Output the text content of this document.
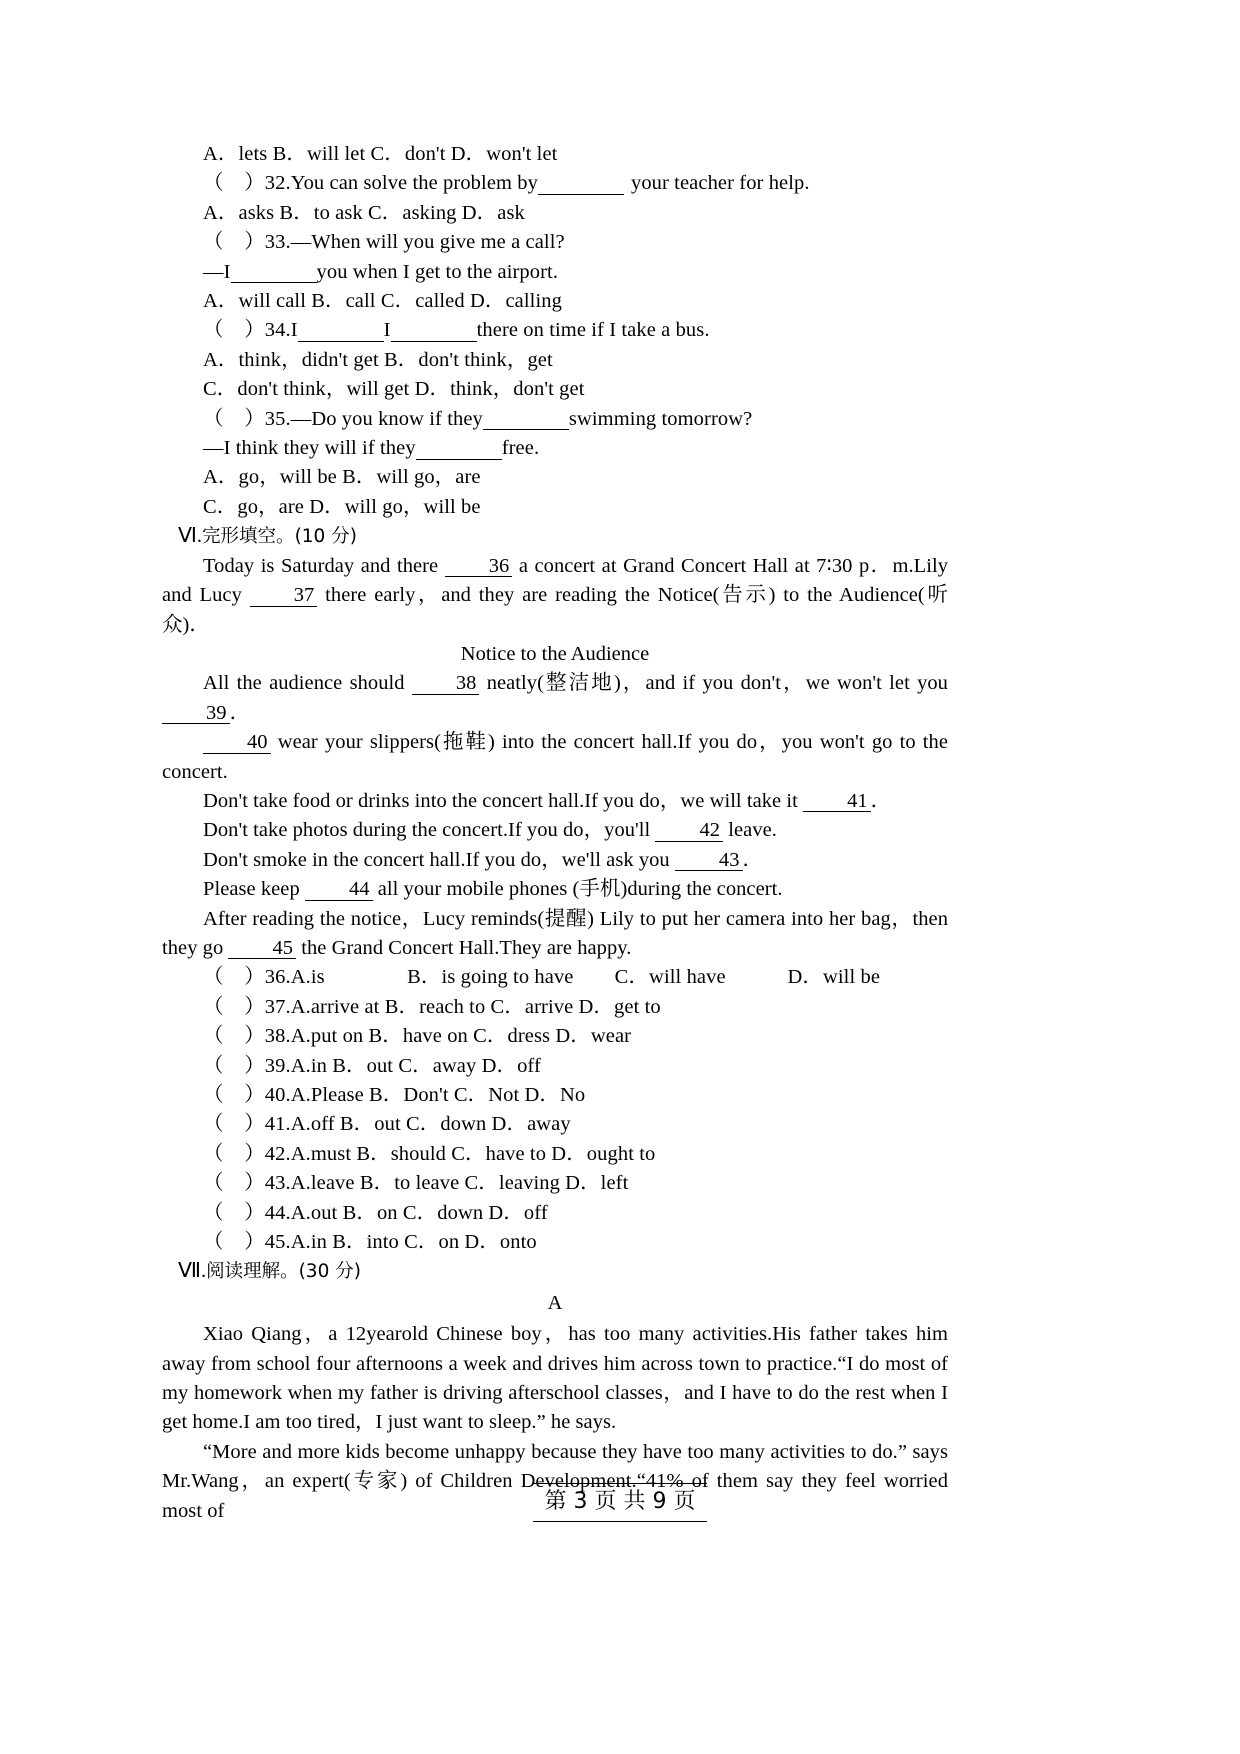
A．lets B．will let C．don't D．won't let
（　）32.You can solve the problem by	your teacher for help.
A．asks B．to ask C．asking D．ask
（　）33.—When will you give me a call?
—I	you when I get to the airport.
A．will call B．call C．called D．calling
（　）34.I	I	there on time if I take a bus.
A．think，didn't get B．don't think，get
C．don't think，will get D．think，don't get
（　）35.—Do you know if they	swimming tomorrow?
—I think they will if they	free.
A．go，will be B．will go，are
C．go，are D．will go，will be
Ⅵ.完形填空。(10 分)
Today is Saturday and there 36 a concert at Grand Concert Hall at 7∶30 p．m.Lily and Lucy	37 there early，and they are reading the Notice(告示) to the Audience(听众)．
Notice to the Audience
All the audience should	38 neatly(整洁地)，and if you don't，we won't let you 39 ．
40 wear your slippers(拖鞋) into the concert hall.If you do，you won't go to the concert.
Don't take food or drinks into the concert hall.If you do，we will take it 41 ．
Don't take photos during the concert.If you do，you'll 42 leave.
Don't smoke in the concert hall.If you do，we'll ask you 43 ．
Please keep 44 all your mobile phones (手机)during the concert.
After reading the notice，Lucy reminds(提醒) Lily to put her camera into her bag，then they go 45 the Grand Concert Hall.They are happy.
（　）36.A.is　　　　B．is going to have　　C．will have　　　D．will be
（　）37.A.arrive at B．reach to C．arrive D．get to
（　）38.A.put on B．have on C．dress D．wear
（　）39.A.in B．out C．away D．off
（　）40.A.Please B．Don't C．Not D．No
（　）41.A.off B．out C．down D．away
（　）42.A.must B．should C．have to D．ought to
（　）43.A.leave B．to leave C．leaving D．left
（　）44.A.out B．on C．down D．off
（　）45.A.in B．into C．on D．onto
Ⅶ.阅读理解。(30 分)
A
Xiao Qiang，a 12yearold Chinese boy，has too many activities.His father takes him away from school four afternoons a week and drives him across town to practice.“I do most of my homework when my father is driving afterschool classes，and I have to do the rest when I get home.I am too tired，I just want to sleep.” he says.
“More and more kids become unhappy because they have too many activities to do.” says Mr.Wang，an expert(专家) of Children Development.“41% of them say they feel worried most of	第 3 页 共 9 页
